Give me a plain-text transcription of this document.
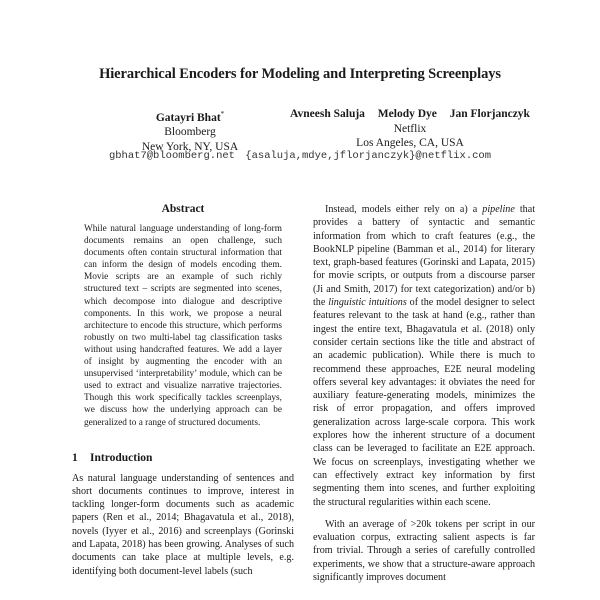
Hierarchical Encoders for Modeling and Interpreting Screenplays
Gatayri Bhat*
Bloomberg
New York, NY, USA
Avneesh Saluja Melody Dye Jan Florjanczyk
Netflix
Los Angeles, CA, USA
gbhat7@bloomberg.net {asaluja,mdye,jflorjanczyk}@netflix.com
Abstract
While natural language understanding of long-form documents remains an open challenge, such documents often contain structural information that can inform the design of models encoding them. Movie scripts are an example of such richly structured text – scripts are segmented into scenes, which decompose into dialogue and descriptive components. In this work, we propose a neural architecture to encode this structure, which performs robustly on two multi-label tag classification tasks without using handcrafted features. We add a layer of insight by augmenting the encoder with an unsupervised ‘interpretability’ module, which can be used to extract and visualize narrative trajectories. Though this work specifically tackles screenplays, we discuss how the underlying approach can be generalized to a range of structured documents.
1 Introduction

As natural language understanding of sentences and short documents continues to improve, interest in tackling longer-form documents such as academic papers (Ren et al., 2014; Bhagavatula et al., 2018), novels (Iyyer et al., 2016) and screenplays (Gorinski and Lapata, 2018) has been growing. Analyses of such documents can take place at multiple levels, e.g. identifying both document-level labels (such

Instead, models either rely on a) a pipeline that provides a battery of syntactic and semantic information from which to craft features (e.g., the BookNLP pipeline (Bamman et al., 2014) for literary text, graph-based features (Gorinski and Lapata, 2015) for movie scripts, or outputs from a discourse parser (Ji and Smith, 2017) for text categorization) and/or b) the linguistic intuitions of the model designer to select features relevant to the task at hand (e.g., rather than ingest the entire text, Bhagavatula et al. (2018) only consider certain sections like the title and abstract of an academic publication). While there is much to recommend these approaches, E2E neural modeling offers several key advantages: it obviates the need for auxiliary feature-generating models, minimizes the risk of error propagation, and offers improved generalization across large-scale corpora. This work explores how the inherent structure of a document class can be leveraged to facilitate an E2E approach. We focus on screenplays, investigating whether we can effectively extract key information by first segmenting them into scenes, and further exploiting the structural regularities within each scene.

With an average of >20k tokens per script in our evaluation corpus, extracting salient aspects is far from trivial. Through a series of carefully controlled experiments, we show that a structure-aware approach significantly improves document
